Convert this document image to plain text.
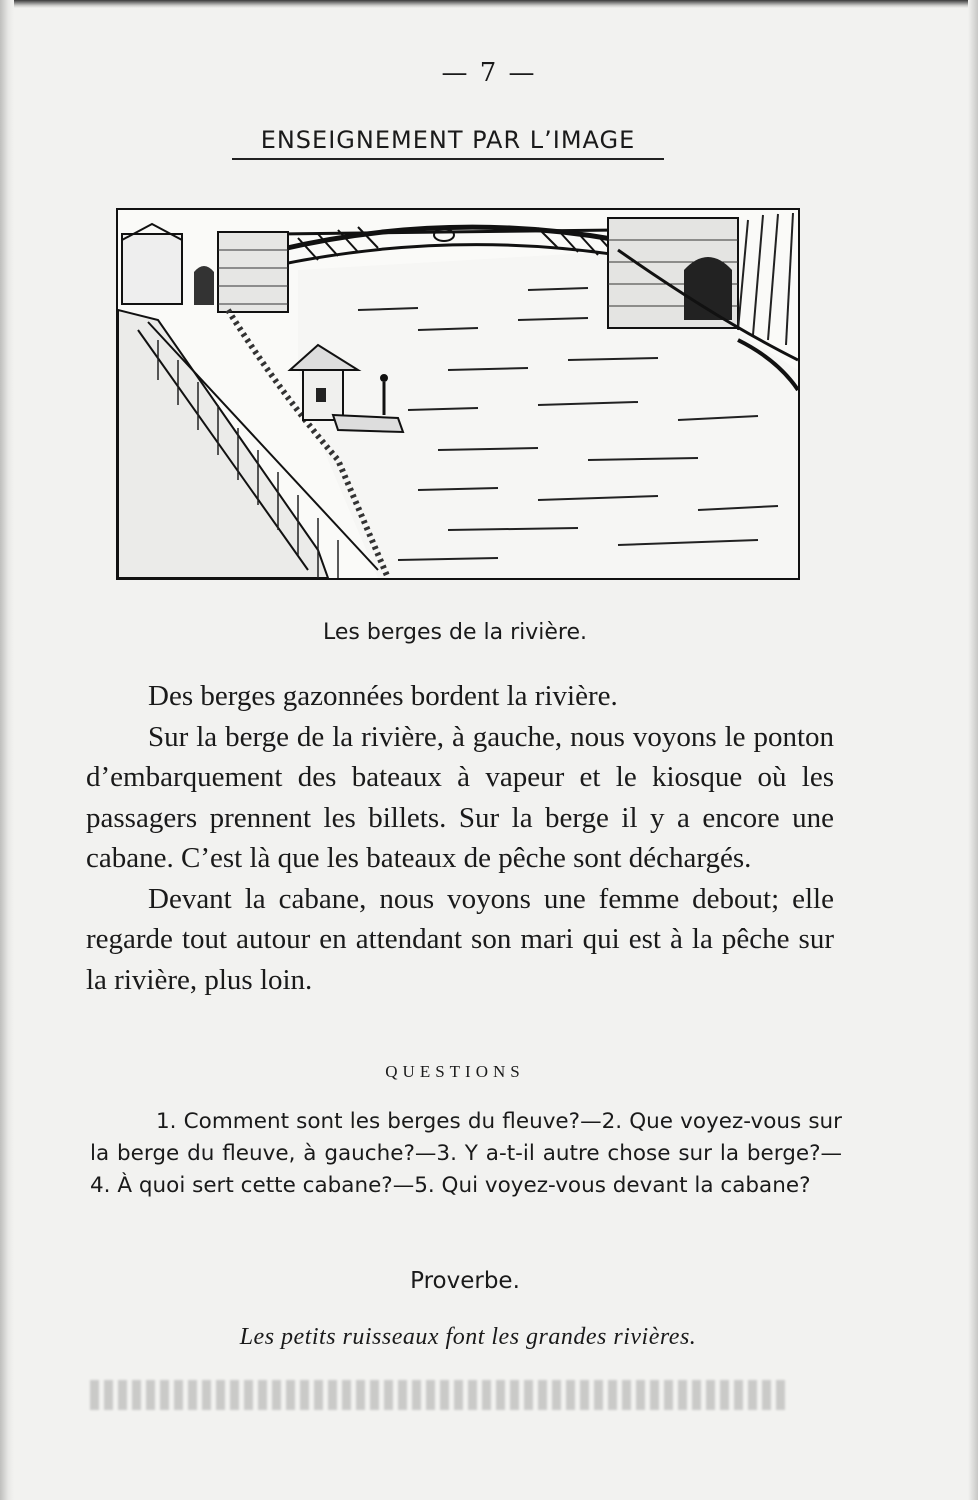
— 7 —
ENSEIGNEMENT PAR L’IMAGE
Les berges de la rivière.

Des berges gazonnées bordent la rivière.

Sur la berge de la rivière, à gauche, nous voyons le ponton d’embarquement des bateaux à vapeur et le kiosque où les passagers prennent les billets. Sur la berge il y a encore une cabane. C’est là que les bateaux de pêche sont déchargés.

Devant la cabane, nous voyons une femme debout; elle regarde tout autour en attendant son mari qui est à la pêche sur la rivière, plus loin.

QUESTIONS
1. Comment sont les berges du fleuve?—2. Que voyez-vous sur la berge du fleuve, à gauche?—3. Y a-t-il autre chose sur la berge?— 4. À quoi sert cette cabane?—5. Qui voyez-vous devant la cabane?
Proverbe.
Les petits ruisseaux font les grandes rivières.
